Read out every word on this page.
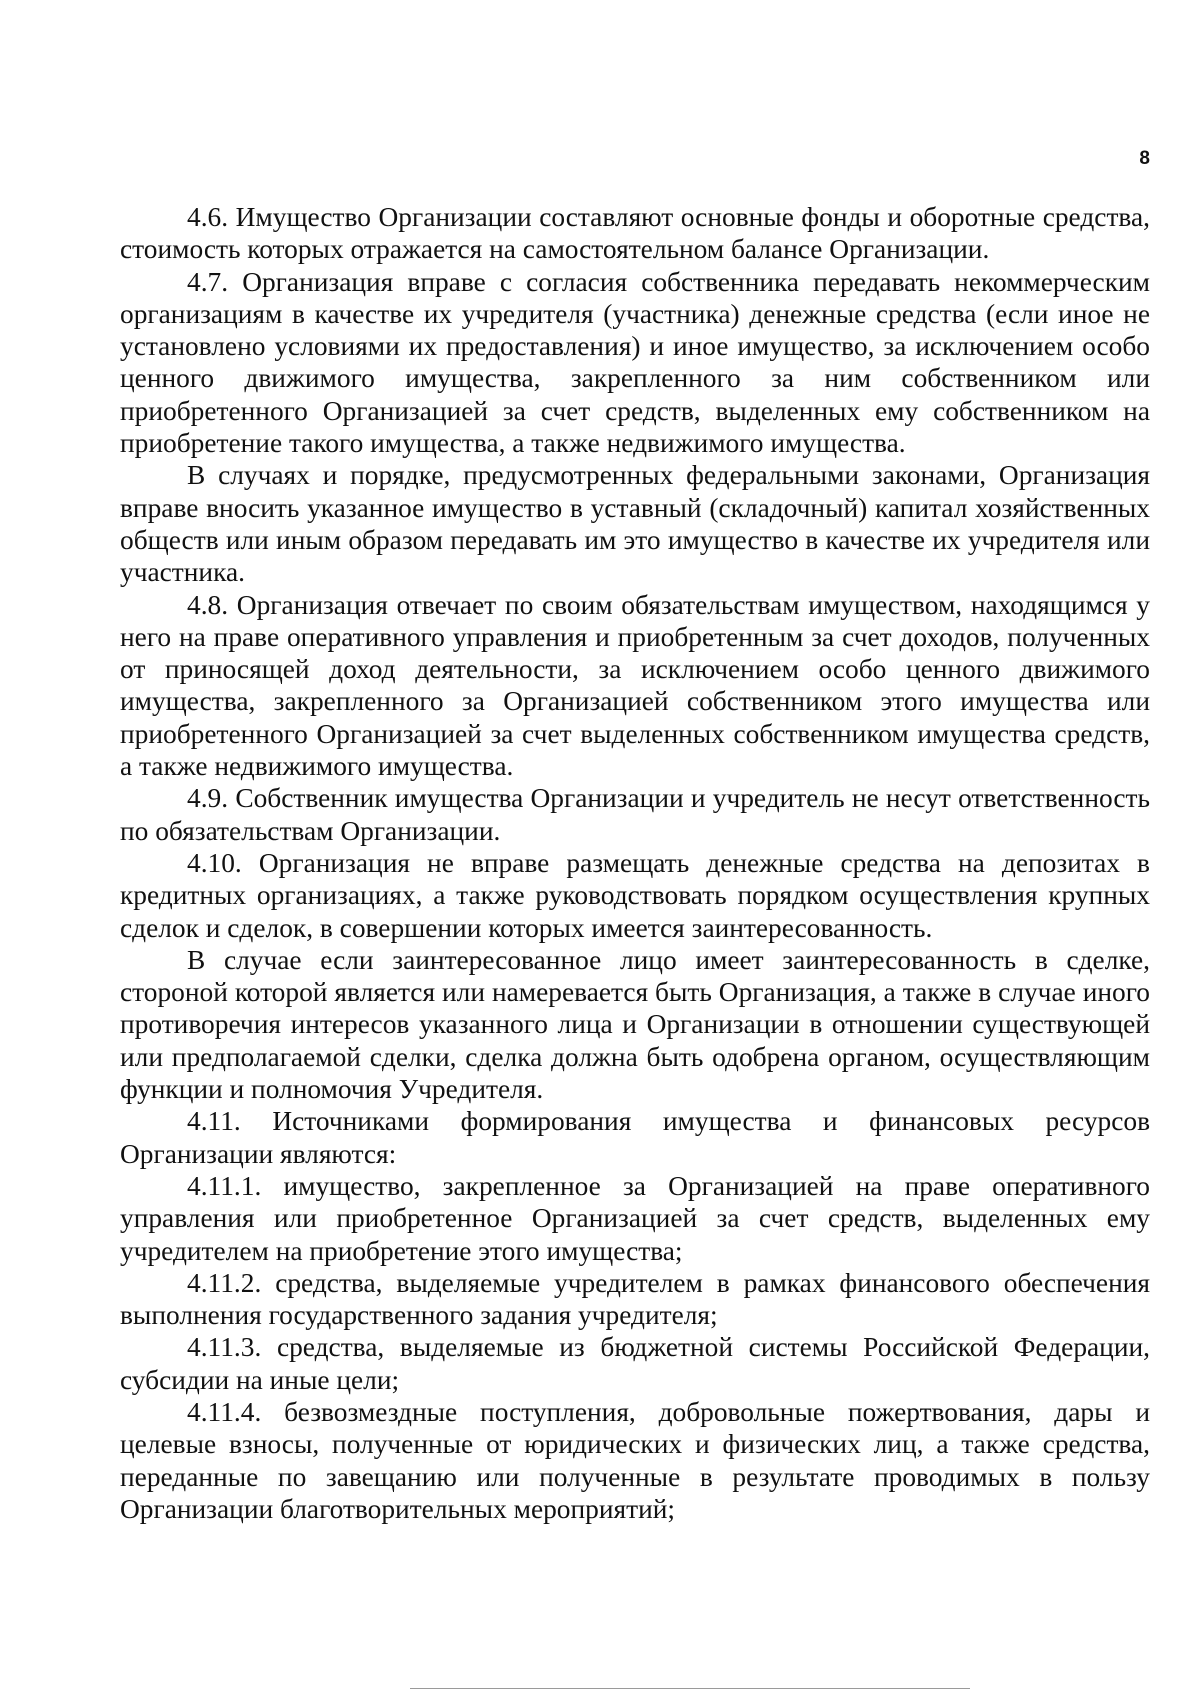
8

4.6. Имущество Организации составляют основные фонды и оборотные средства, стоимость которых отражается на самостоятельном балансе Организации.

4.7. Организация вправе с согласия собственника передавать некоммерческим организациям в качестве их учредителя (участника) денежные средства (если иное не установлено условиями их предоставления) и иное имущество, за исключением особо ценного движимого имущества, закрепленного за ним собственником или приобретенного Организацией за счет средств, выделенных ему собственником на приобретение такого имущества, а также недвижимого имущества.

В случаях и порядке, предусмотренных федеральными законами, Организация вправе вносить указанное имущество в уставный (складочный) капитал хозяйственных обществ или иным образом передавать им это имущество в качестве их учредителя или участника.

4.8. Организация отвечает по своим обязательствам имуществом, находящимся у него на праве оперативного управления и приобретенным за счет доходов, полученных от приносящей доход деятельности, за исключением особо ценного движимого имущества, закрепленного за Организацией собственником этого имущества или приобретенного Организацией за счет выделенных собственником имущества средств, а также недвижимого имущества.

4.9. Собственник имущества Организации и учредитель не несут ответственность по обязательствам Организации.

4.10. Организация не вправе размещать денежные средства на депозитах в кредитных организациях, а также руководствовать порядком осуществления крупных сделок и сделок, в совершении которых имеется заинтересованность.

В случае если заинтересованное лицо имеет заинтересованность в сделке, стороной которой является или намеревается быть Организация, а также в случае иного противоречия интересов указанного лица и Организации в отношении существующей или предполагаемой сделки, сделка должна быть одобрена органом, осуществляющим функции и полномочия Учредителя.

4.11. Источниками формирования имущества и финансовых ресурсов Организации являются:

4.11.1. имущество, закрепленное за Организацией на праве оперативного управления или приобретенное Организацией за счет средств, выделенных ему учредителем на приобретение этого имущества;

4.11.2. средства, выделяемые учредителем в рамках финансового обеспечения выполнения государственного задания учредителя;

4.11.3. средства, выделяемые из бюджетной системы Российской Федерации, субсидии на иные цели;

4.11.4. безвозмездные поступления, добровольные пожертвования, дары и целевые взносы, полученные от юридических и физических лиц, а также средства, переданные по завещанию или полученные в результате проводимых в пользу Организации благотворительных мероприятий;
